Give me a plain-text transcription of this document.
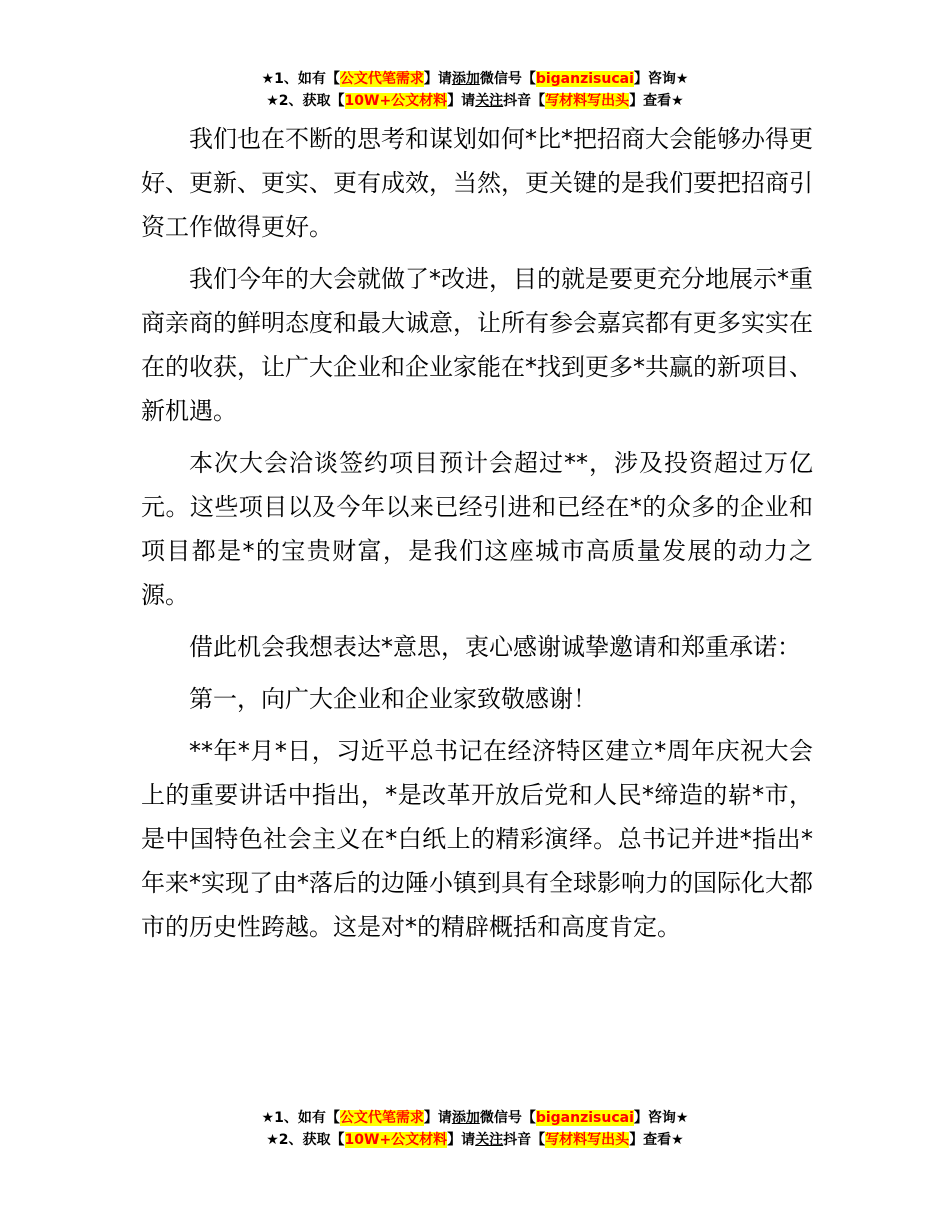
★1、如有【公文代笔需求】请添加微信号【biganzisucai】咨询★
★2、获取【10W+公文材料】请关注抖音【写材料写出头】查看★

我们也在不断的思考和谋划如何*比*把招商大会能够办得更好、更新、更实、更有成效，当然，更关键的是我们要把招商引资工作做得更好。

我们今年的大会就做了*改进，目的就是要更充分地展示*重商亲商的鲜明态度和最大诚意，让所有参会嘉宾都有更多实实在在的收获，让广大企业和企业家能在*找到更多*共赢的新项目、新机遇。

本次大会洽谈签约项目预计会超过**，涉及投资超过万亿元。这些项目以及今年以来已经引进和已经在*的众多的企业和项目都是*的宝贵财富，是我们这座城市高质量发展的动力之源。

借此机会我想表达*意思，衷心感谢诚挚邀请和郑重承诺：

第一，向广大企业和企业家致敬感谢！

**年*月*日，习近平总书记在经济特区建立*周年庆祝大会上的重要讲话中指出，*是改革开放后党和人民*缔造的崭*市，是中国特色社会主义在*白纸上的精彩演绎。总书记并进*指出*年来*实现了由*落后的边陲小镇到具有全球影响力的国际化大都市的历史性跨越。这是对*的精辟概括和高度肯定。

★1、如有【公文代笔需求】请添加微信号【biganzisucai】咨询★
★2、获取【10W+公文材料】请关注抖音【写材料写出头】查看★
